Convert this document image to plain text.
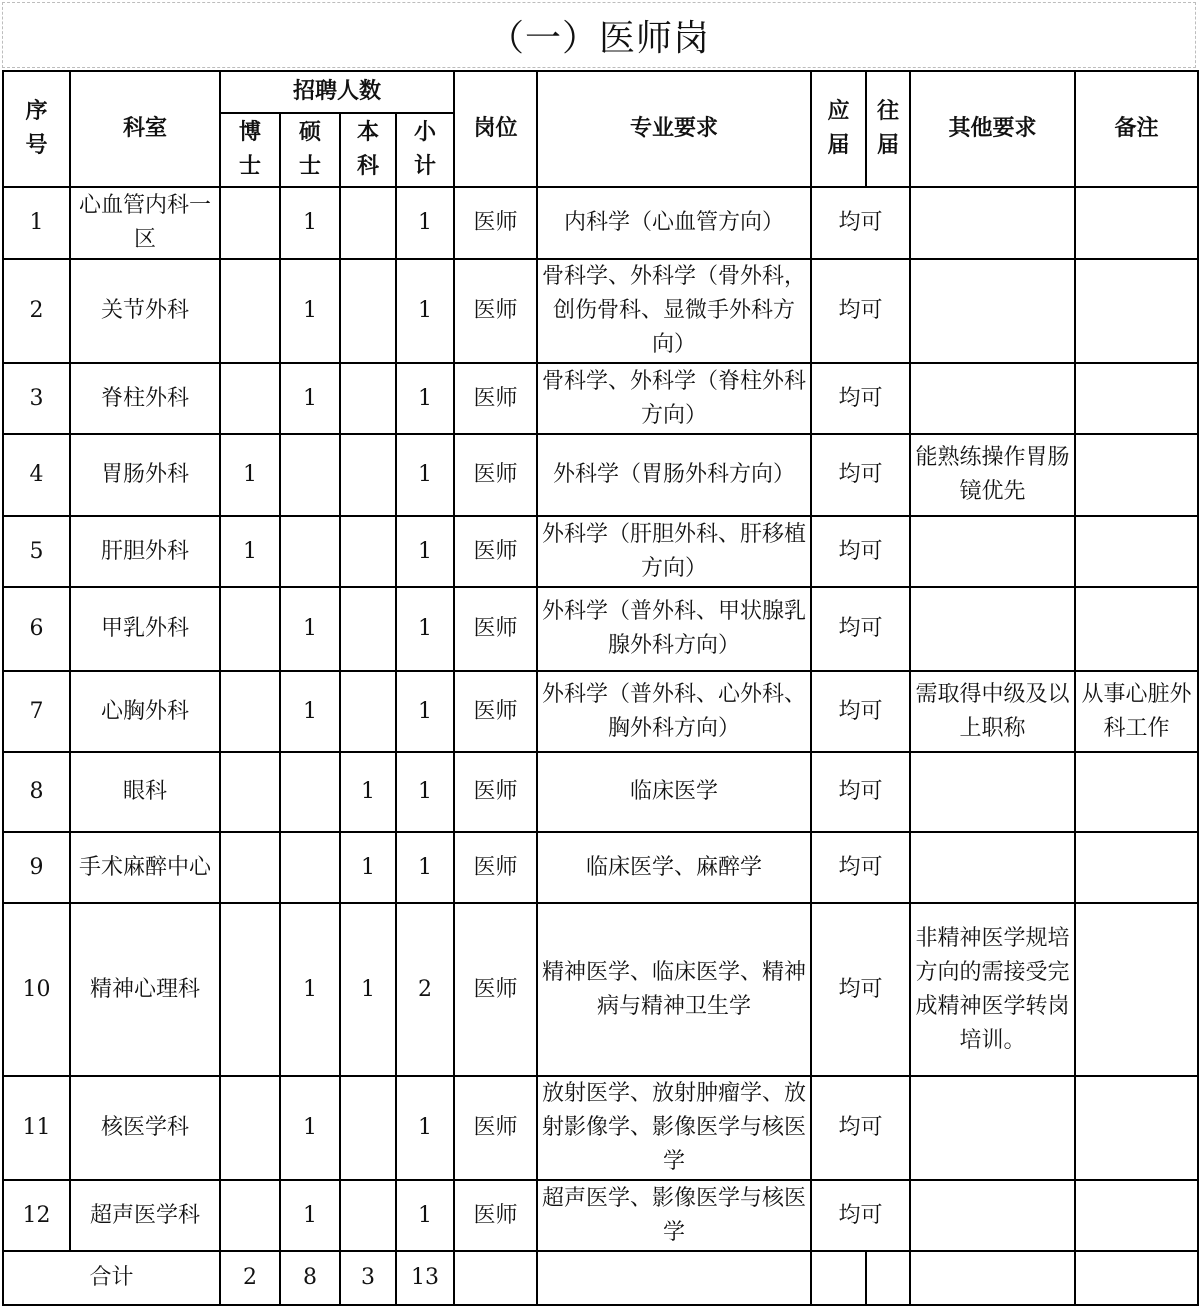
（一）医师岗
序号	科室	招聘人数				岗位	专业要求	应届	往届	其他要求	备注
		博士	硕士	本科	小计						
1	心血管内科一区		1		1	医师	内科学（心血管方向）	均可			
2	关节外科		1		1	医师	骨科学、外科学（骨外科，创伤骨科、显微手外科方向）	均可			
3	脊柱外科		1		1	医师	骨科学、外科学（脊柱外科方向）	均可			
4	胃肠外科	1			1	医师	外科学（胃肠外科方向）	均可		能熟练操作胃肠镜优先	
5	肝胆外科	1			1	医师	外科学（肝胆外科、肝移植方向）	均可			
6	甲乳外科		1		1	医师	外科学（普外科、甲状腺乳腺外科方向）	均可			
7	心胸外科		1		1	医师	外科学（普外科、心外科、胸外科方向）	均可		需取得中级及以上职称	从事心脏外科工作
8	眼科			1	1	医师	临床医学	均可			
9	手术麻醉中心			1	1	医师	临床医学、麻醉学	均可			
10	精神心理科		1	1	2	医师	精神医学、临床医学、精神病与精神卫生学	均可		非精神医学规培方向的需接受完成精神医学转岗培训。	
11	核医学科		1		1	医师	放射医学、放射肿瘤学、放射影像学、影像医学与核医学	均可			
12	超声医学科		1		1	医师	超声医学、影像医学与核医学	均可			
合计		2	8	3	13						
